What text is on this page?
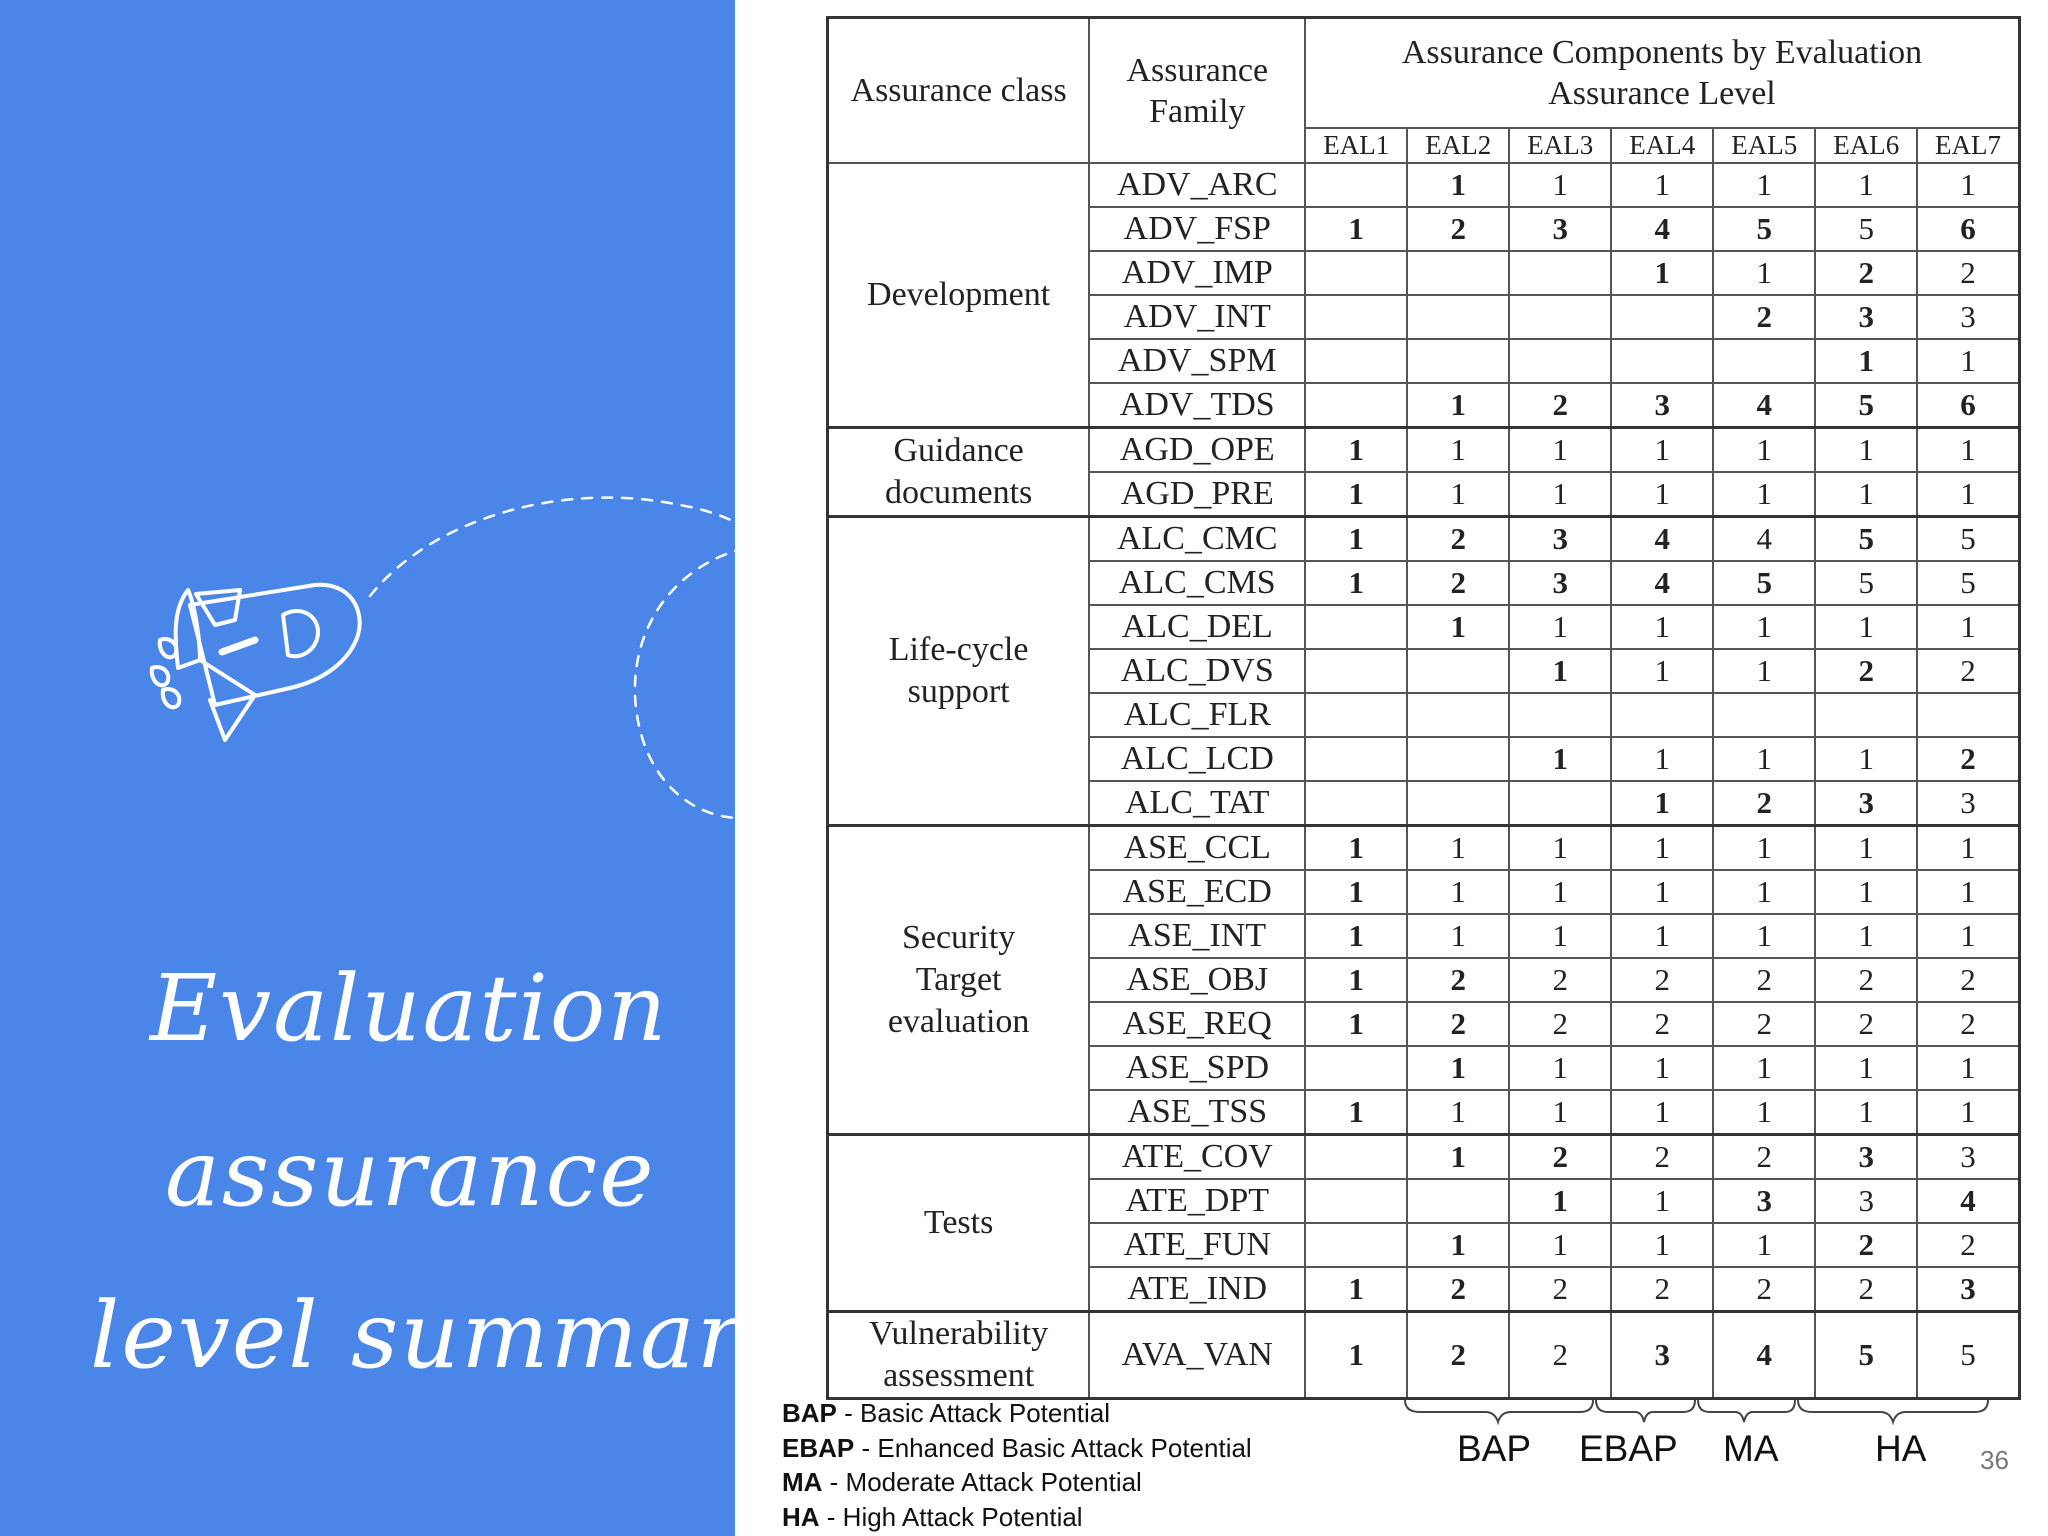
Evaluation
assurance
level summary
Assurance class	Assurance Family	Assurance Components by Evaluation Assurance Level						
		EAL1	EAL2	EAL3	EAL4	EAL5	EAL6	EAL7
Development	ADV_ARC		1	1	1	1	1	1
	ADV_FSP	1	2	3	4	5	5	6
	ADV_IMP				1	1	2	2
	ADV_INT					2	3	3
	ADV_SPM						1	1
	ADV_TDS		1	2	3	4	5	6
Guidance documents	AGD_OPE	1	1	1	1	1	1	1
	AGD_PRE	1	1	1	1	1	1	1
Life-cycle support	ALC_CMC	1	2	3	4	4	5	5
	ALC_CMS	1	2	3	4	5	5	5
	ALC_DEL		1	1	1	1	1	1
	ALC_DVS			1	1	1	2	2
	ALC_FLR							
	ALC_LCD			1	1	1	1	2
	ALC_TAT				1	2	3	3
Security Target evaluation	ASE_CCL	1	1	1	1	1	1	1
	ASE_ECD	1	1	1	1	1	1	1
	ASE_INT	1	1	1	1	1	1	1
	ASE_OBJ	1	2	2	2	2	2	2
	ASE_REQ	1	2	2	2	2	2	2
	ASE_SPD		1	1	1	1	1	1
	ASE_TSS	1	1	1	1	1	1	1
Tests	ATE_COV		1	2	2	2	3	3
	ATE_DPT			1	1	3	3	4
	ATE_FUN		1	1	1	1	2	2
	ATE_IND	1	2	2	2	2	2	3
Vulnerability assessment	AVA_VAN	1	2	2	3	4	5	5
BAP - Basic Attack Potential
EBAP - Enhanced Basic Attack Potential
MA - Moderate Attack Potential
HA - High Attack Potential
BAP EBAP MA	HA 36
